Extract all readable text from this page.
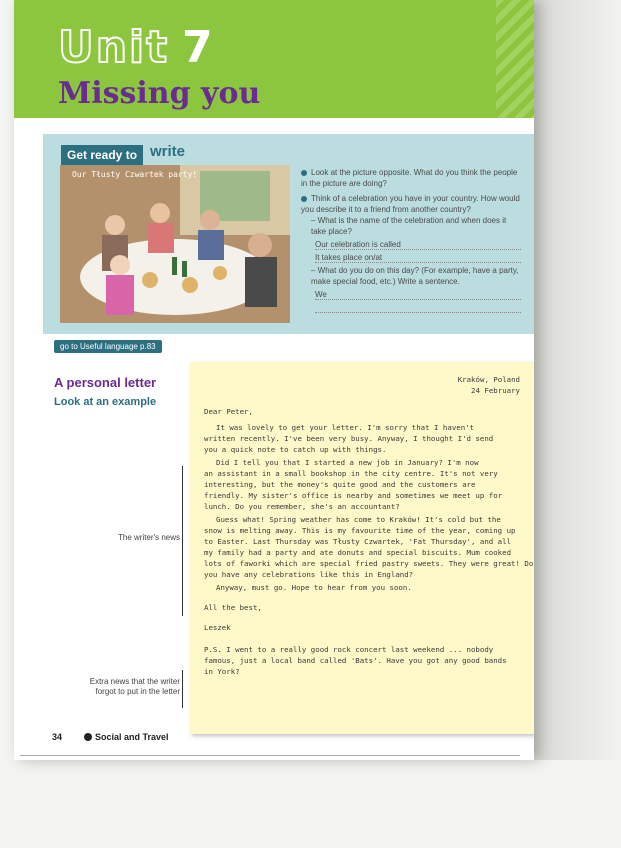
Unit 7
Missing you
Get ready to write
Our Tłusty Czwartek party!	Look at the picture opposite. What do you think the people in the picture are doing?
Think of a celebration you have in your country. How would you describe it to a friend from another country?
– What is the name of the celebration and when does it take place?
Our celebration is called
It takes place on/at
– What do you do on this day? (For example, have a party, make special food, etc.) Write a sentence.
We
go to Useful language p.83
A personal letter
Look at an example
The writer's news
Extra news that the writer
forgot to put in the letter
Kraków, Poland
24 February
Dear Peter,
It was lovely to get your letter. I'm sorry that I haven't
written recently. I've been very busy. Anyway, I thought I'd send
you a quick note to catch up with things.
Did I tell you that I started a new job in January? I'm now
an assistant in a small bookshop in the city centre. It's not very
interesting, but the money's quite good and the customers are
friendly. My sister's office is nearby and sometimes we meet up for
lunch. Do you remember, she's an accountant?
Guess what! Spring weather has come to Kraków! It's cold but the
snow is melting away. This is my favourite time of the year, coming up
to Easter. Last Thursday was Tłusty Czwartek, 'Fat Thursday', and all
my family had a party and ate donuts and special biscuits. Mum cooked
lots of faworki which are special fried pastry sweets. They were great! Do
you have any celebrations like this in England?
Anyway, must go. Hope to hear from you soon.
All the best,
Leszek
P.S. I went to a really good rock concert last weekend ... nobody
famous, just a local band called 'Bats'. Have you got any good bands
in York?
34	Social and Travel
